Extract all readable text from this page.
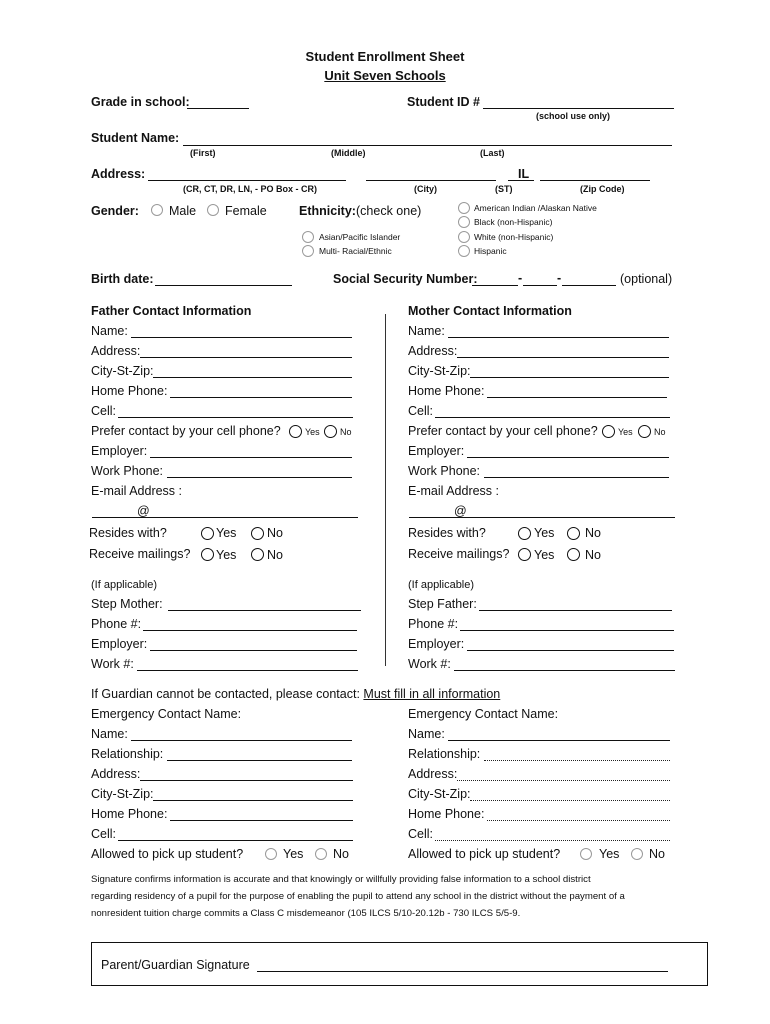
Student Enrollment Sheet
Unit Seven Schools
Grade in school:	Student ID #
(school use only)
Student Name:
(First)	(Middle)	(Last)
Address:	IL
(CR, CT, DR, LN, - PO Box - CR)	(City)	(ST)	(Zip Code)
Gender: Male Female	Ethnicity: (check one)	American Indian /Alaskan Native
Black (non-Hispanic)
White (non-Hispanic)
Hispanic
Asian/Pacific Islander
Multi- Racial/Ethnic
Birth date:	Social Security Number:	-	-	(optional)
Father Contact Information
Name:
Address:
City-St-Zip:
Home Phone:
Cell:
Prefer contact by your cell phone?	Yes No
Employer:
Work Phone:
E-mail Address :
@
Resides with?	Yes No
Receive mailings? Yes No
(If applicable)
Step Mother:
Phone #:
Employer:
Work #:
Mother Contact Information
Name:
Address:
City-St-Zip:
Home Phone:
Cell:
Prefer contact by your cell phone? Yes No
Employer:
Work Phone:
E-mail Address :
@
Resides with?	Yes No
Receive mailings? Yes No
(If applicable)
Step Father:
Phone #:
Employer:
Work #:
If Guardian cannot be contacted, please contact: Must fill in all information
Emergency Contact Name:
Name:
Relationship:
Address:
City-St-Zip:
Home Phone:
Cell:
Allowed to pick up student?	Yes No
Emergency Contact Name:
Name:
Relationship:
Address:
City-St-Zip:
Home Phone:
Cell:
Allowed to pick up student?	Yes No
Signature confirms information is accurate and that knowingly or willfully providing false information to a school district
regarding residency of a pupil for the purpose of enabling the pupil to attend any school in the district without the payment of a
nonresident tuition charge commits a Class C misdemeanor (105 ILCS 5/10-20.12b - 730 ILCS 5/5-9.
Parent/Guardian Signature
